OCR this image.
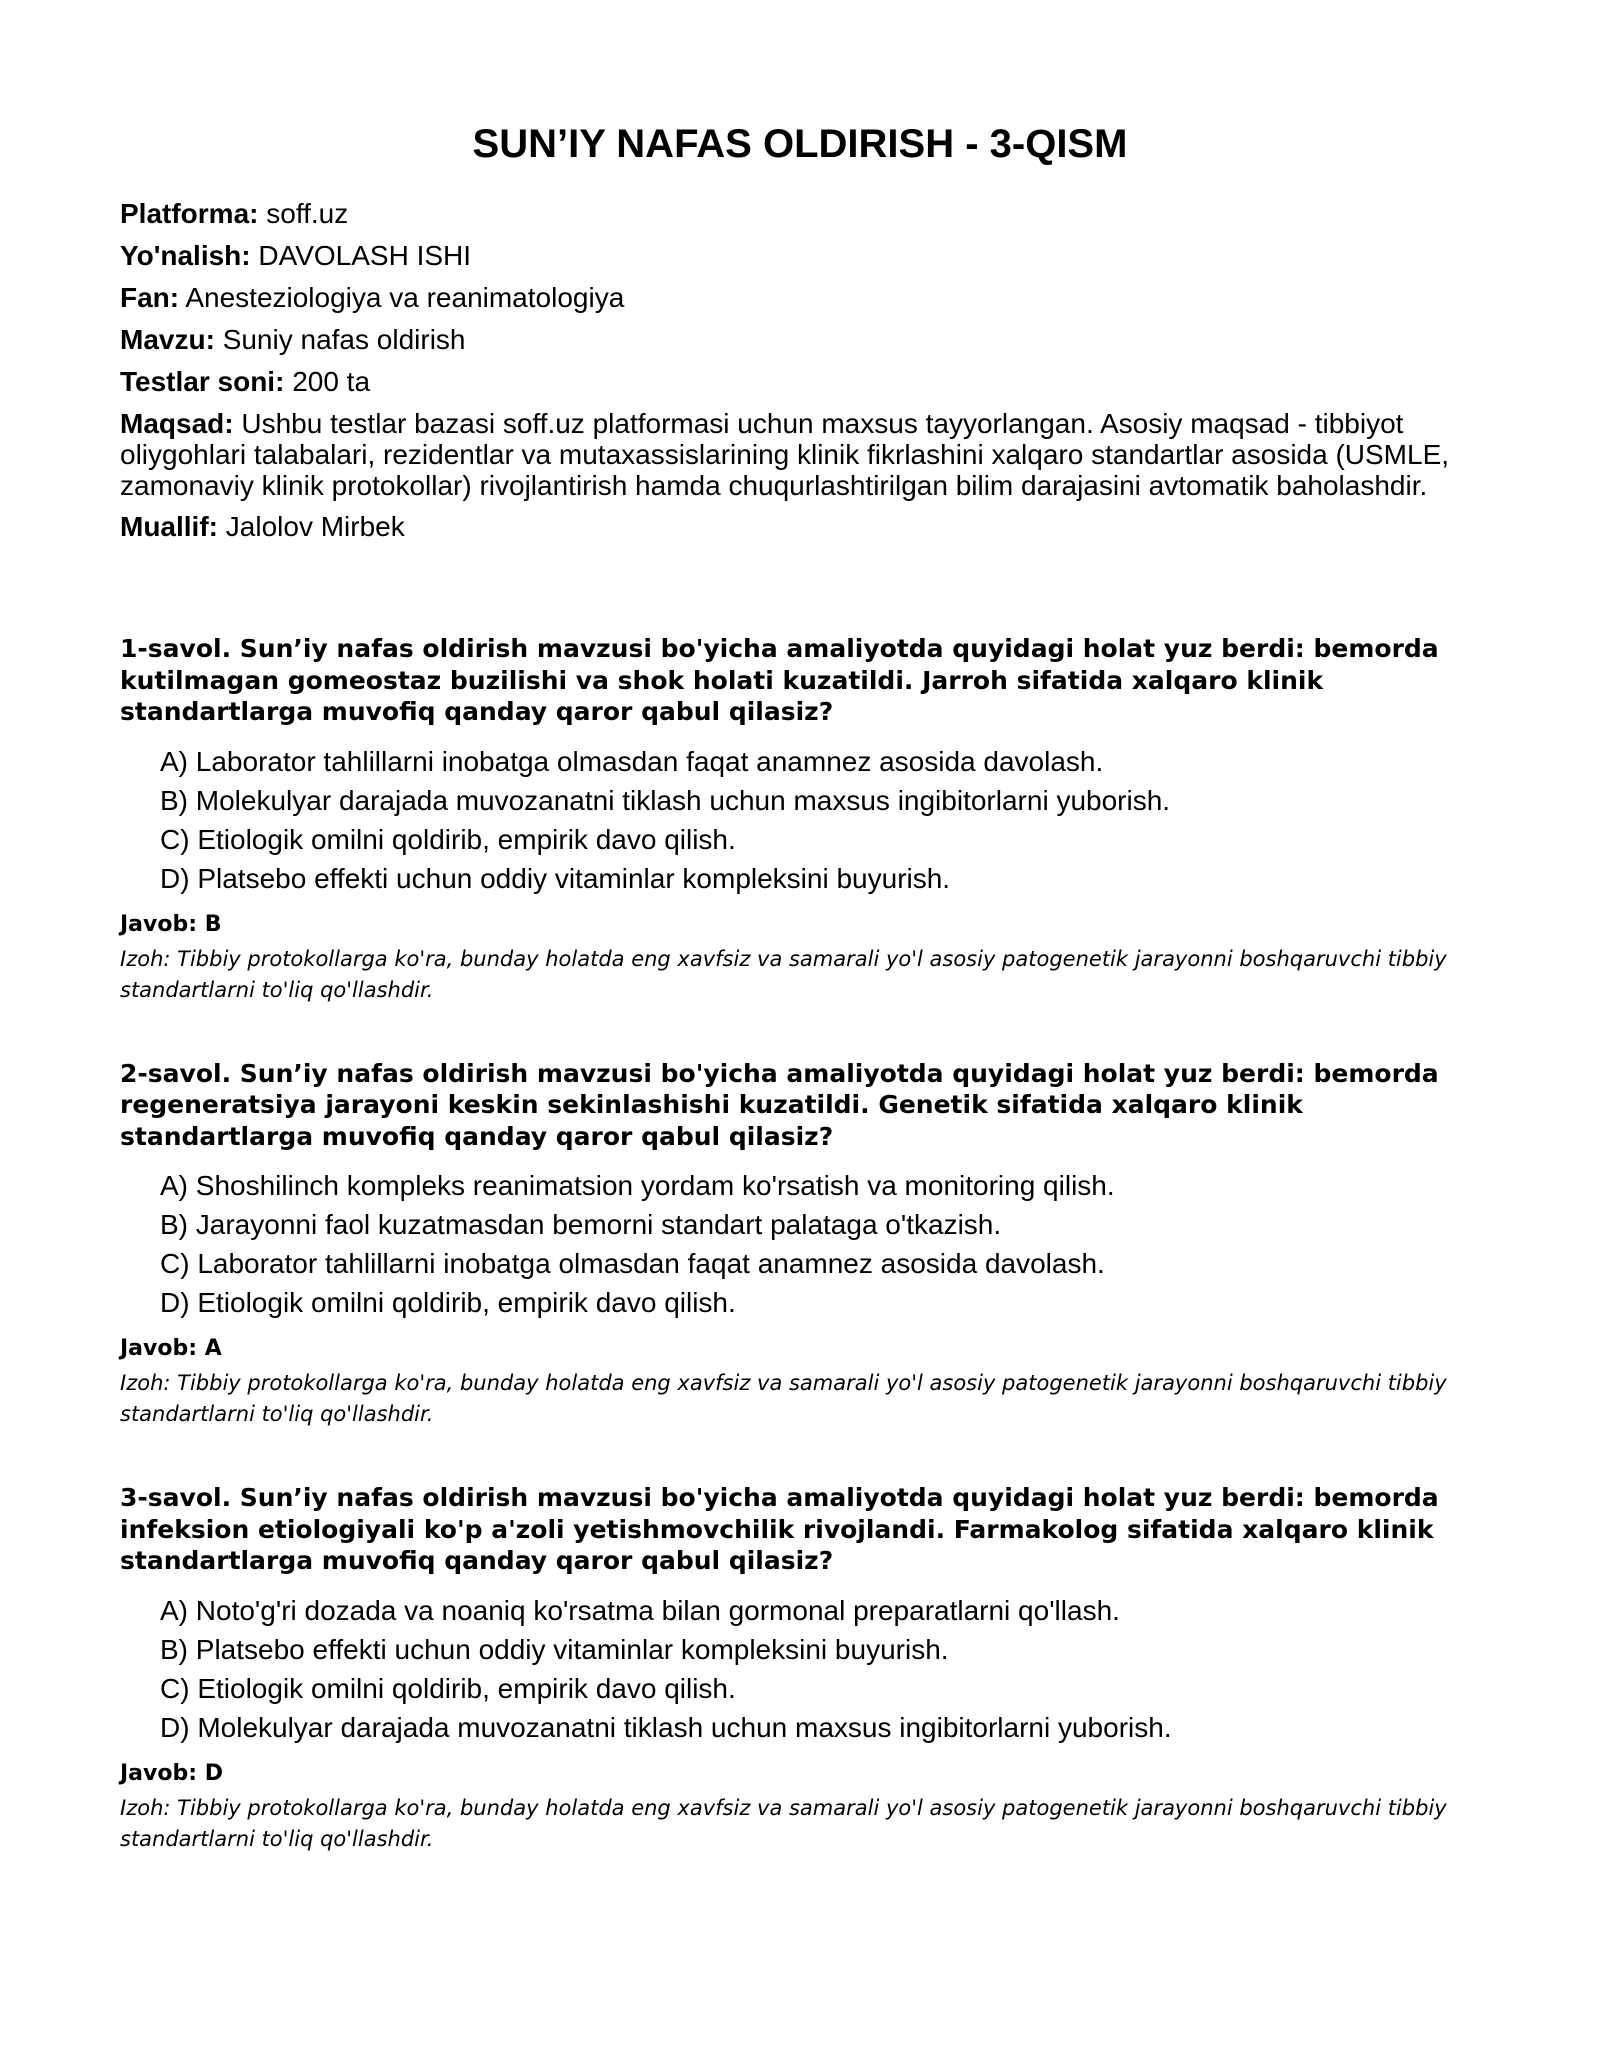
SUN’IY NAFAS OLDIRISH - 3-QISM

Platforma: soff.uz

Yo'nalish: DAVOLASH ISHI

Fan: Anesteziologiya va reanimatologiya

Mavzu: Suniy nafas oldirish

Testlar soni: 200 ta

Maqsad: Ushbu testlar bazasi soff.uz platformasi uchun maxsus tayyorlangan. Asosiy maqsad - tibbiyot oliygohlari talabalari, rezidentlar va mutaxassislarining klinik fikrlashini xalqaro standartlar asosida (USMLE, zamonaviy klinik protokollar) rivojlantirish hamda chuqurlashtirilgan bilim darajasini avtomatik baholashdir.

Muallif: Jalolov Mirbek

1-savol. Sun’iy nafas oldirish mavzusi bo'yicha amaliyotda quyidagi holat yuz berdi: bemorda kutilmagan gomeostaz buzilishi va shok holati kuzatildi. Jarroh sifatida xalqaro klinik standartlarga muvofiq qanday qaror qabul qilasiz?

A) Laborator tahlillarni inobatga olmasdan faqat anamnez asosida davolash.
B) Molekulyar darajada muvozanatni tiklash uchun maxsus ingibitorlarni yuborish.
C) Etiologik omilni qoldirib, empirik davo qilish.
D) Platsebo effekti uchun oddiy vitaminlar kompleksini buyurish.

Javob: B

Izoh: Tibbiy protokollarga ko'ra, bunday holatda eng xavfsiz va samarali yo'l asosiy patogenetik jarayonni boshqaruvchi tibbiy standartlarni to'liq qo'llashdir.

2-savol. Sun’iy nafas oldirish mavzusi bo'yicha amaliyotda quyidagi holat yuz berdi: bemorda regeneratsiya jarayoni keskin sekinlashishi kuzatildi. Genetik sifatida xalqaro klinik standartlarga muvofiq qanday qaror qabul qilasiz?

A) Shoshilinch kompleks reanimatsion yordam ko'rsatish va monitoring qilish.
B) Jarayonni faol kuzatmasdan bemorni standart palataga o'tkazish.
C) Laborator tahlillarni inobatga olmasdan faqat anamnez asosida davolash.
D) Etiologik omilni qoldirib, empirik davo qilish.

Javob: A

Izoh: Tibbiy protokollarga ko'ra, bunday holatda eng xavfsiz va samarali yo'l asosiy patogenetik jarayonni boshqaruvchi tibbiy standartlarni to'liq qo'llashdir.

3-savol. Sun’iy nafas oldirish mavzusi bo'yicha amaliyotda quyidagi holat yuz berdi: bemorda infeksion etiologiyali ko'p a'zoli yetishmovchilik rivojlandi. Farmakolog sifatida xalqaro klinik standartlarga muvofiq qanday qaror qabul qilasiz?

A) Noto'g'ri dozada va noaniq ko'rsatma bilan gormonal preparatlarni qo'llash.
B) Platsebo effekti uchun oddiy vitaminlar kompleksini buyurish.
C) Etiologik omilni qoldirib, empirik davo qilish.
D) Molekulyar darajada muvozanatni tiklash uchun maxsus ingibitorlarni yuborish.

Javob: D

Izoh: Tibbiy protokollarga ko'ra, bunday holatda eng xavfsiz va samarali yo'l asosiy patogenetik jarayonni boshqaruvchi tibbiy standartlarni to'liq qo'llashdir.
